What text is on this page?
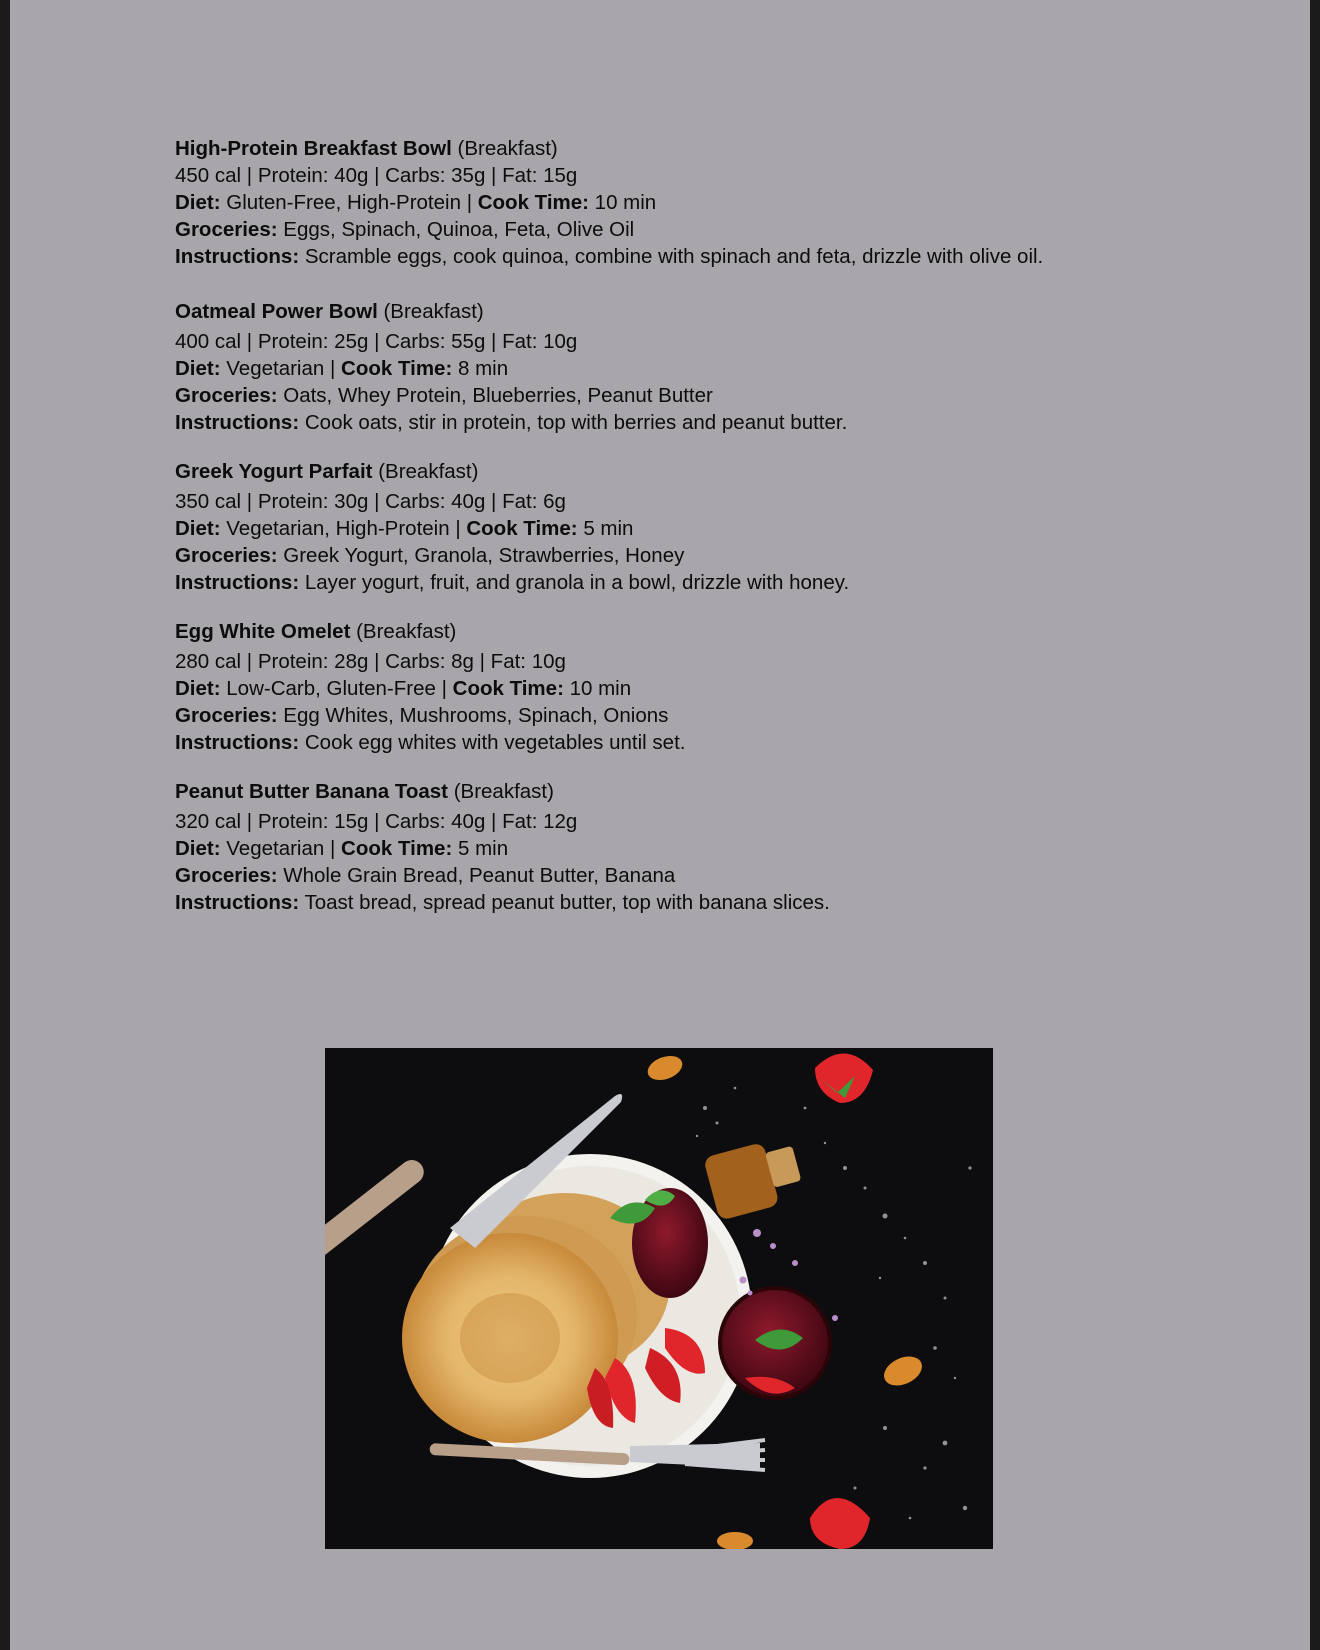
High-Protein Breakfast Bowl (Breakfast)
450 cal | Protein: 40g | Carbs: 35g | Fat: 15g
Diet: Gluten-Free, High-Protein | Cook Time: 10 min
Groceries: Eggs, Spinach, Quinoa, Feta, Olive Oil
Instructions: Scramble eggs, cook quinoa, combine with spinach and feta, drizzle with olive oil.
Oatmeal Power Bowl (Breakfast)
400 cal | Protein: 25g | Carbs: 55g | Fat: 10g
Diet: Vegetarian | Cook Time: 8 min
Groceries: Oats, Whey Protein, Blueberries, Peanut Butter
Instructions: Cook oats, stir in protein, top with berries and peanut butter.
Greek Yogurt Parfait (Breakfast)
350 cal | Protein: 30g | Carbs: 40g | Fat: 6g
Diet: Vegetarian, High-Protein | Cook Time: 5 min
Groceries: Greek Yogurt, Granola, Strawberries, Honey
Instructions: Layer yogurt, fruit, and granola in a bowl, drizzle with honey.
Egg White Omelet (Breakfast)
280 cal | Protein: 28g | Carbs: 8g | Fat: 10g
Diet: Low-Carb, Gluten-Free | Cook Time: 10 min
Groceries: Egg Whites, Mushrooms, Spinach, Onions
Instructions: Cook egg whites with vegetables until set.
Peanut Butter Banana Toast (Breakfast)
320 cal | Protein: 15g | Carbs: 40g | Fat: 12g
Diet: Vegetarian | Cook Time: 5 min
Groceries: Whole Grain Bread, Peanut Butter, Banana
Instructions: Toast bread, spread peanut butter, top with banana slices.
